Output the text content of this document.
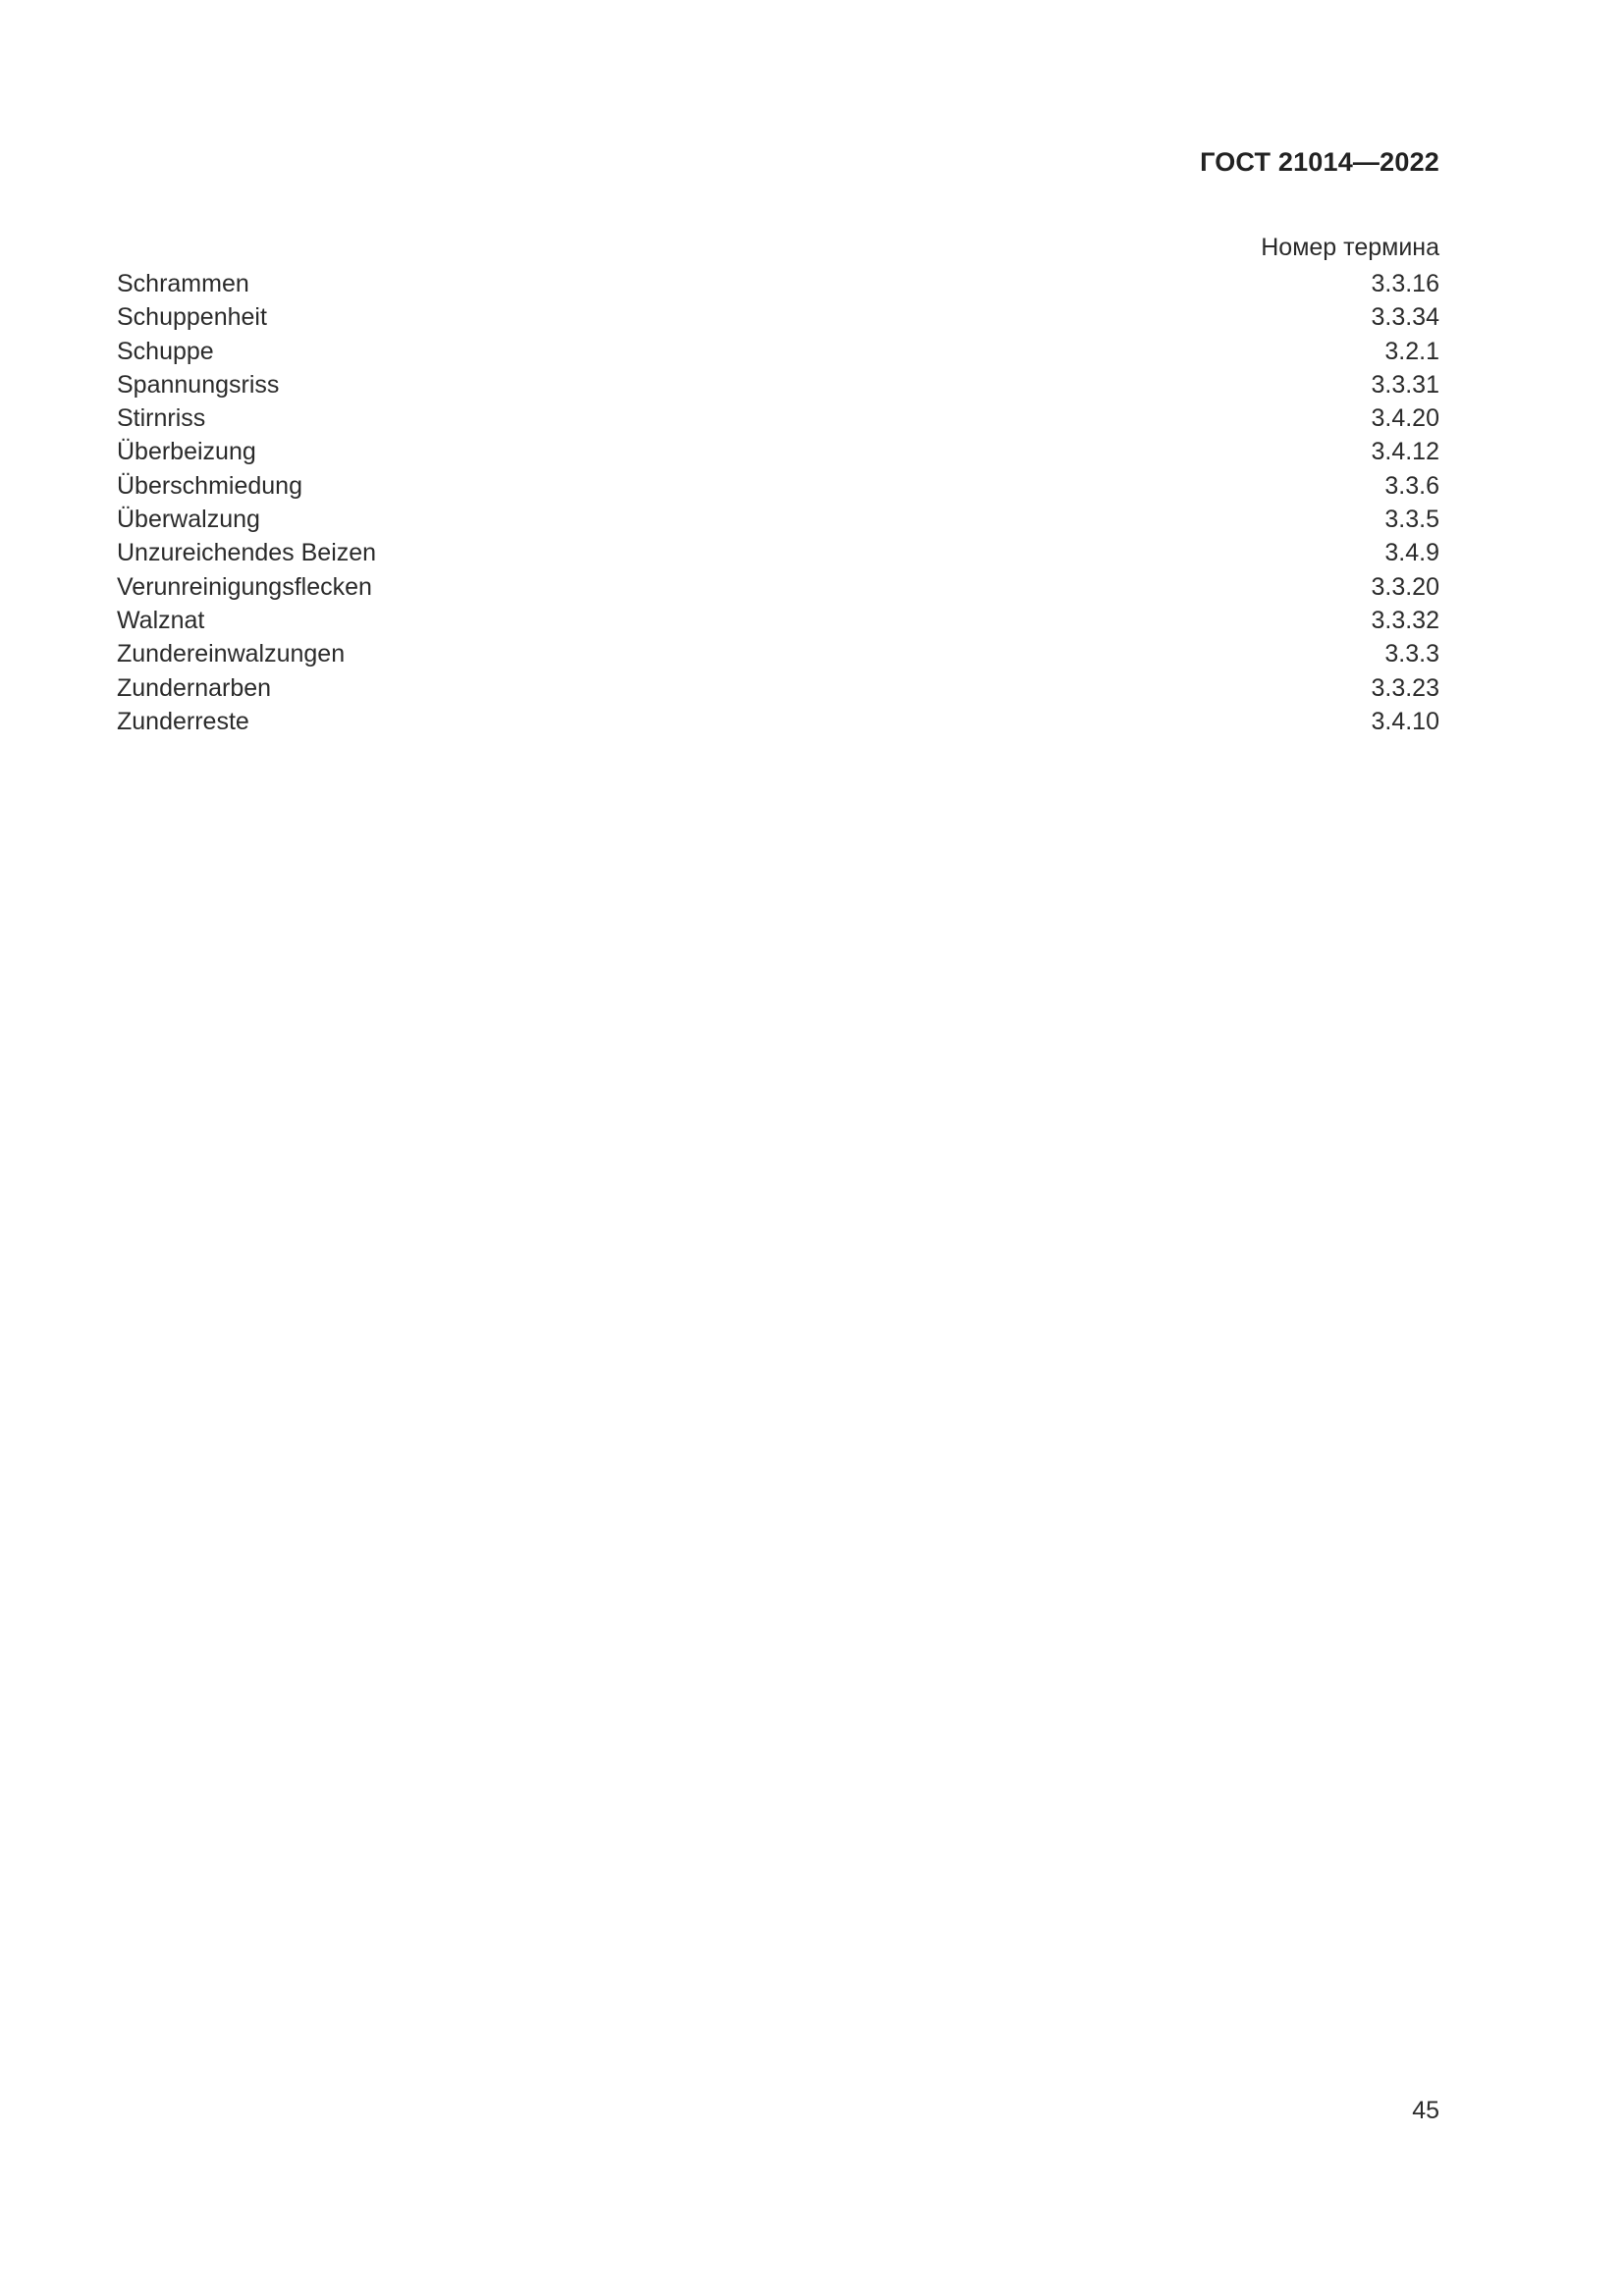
ГОСТ 21014—2022
Номер термина
Schrammen	3.3.16
Schuppenheit	3.3.34
Schuppe	3.2.1
Spannungsriss	3.3.31
Stirnriss	3.4.20
Überbeizung	3.4.12
Überschmiedung	3.3.6
Überwalzung	3.3.5
Unzureichendes Beizen	3.4.9
Verunreinigungsflecken	3.3.20
Walznat	3.3.32
Zundereinwalzungen	3.3.3
Zundernarben	3.3.23
Zunderreste	3.4.10
45
